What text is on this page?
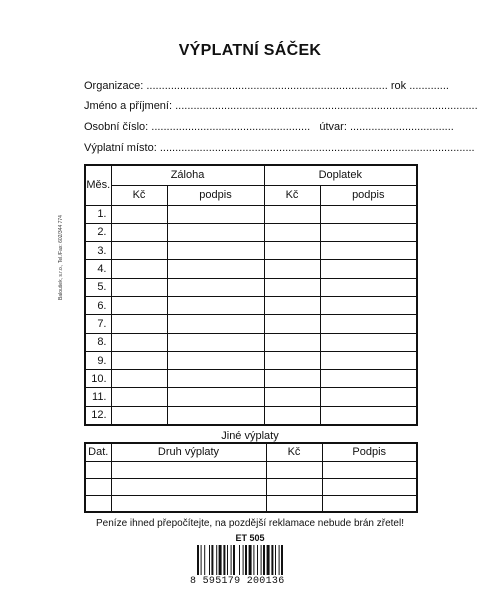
VÝPLATNÍ SÁČEK
Organizace: ............................................................................... rok .............
Jméno a příjmení: ...................................................................................................
Osobní číslo: .................................................... útvar: ..................................
Výplatní místo: .......................................................................................................
Měs.	Záloha		Doplatek	
	Kč	podpis	Kč	podpis
1.				
2.				
3.				
4.				
5.				
6.				
7.				
8.				
9.				
10.				
11.				
12.				
Baloušek, s.r.o., Tel./Fax: 602/344 774
Jiné výplaty
Dat.	Druh výplaty	Kč	Podpis

Peníze ihned přepočítejte, na pozdější reklamace nebude brán zřetel!
ET 505
8 595179 200136
